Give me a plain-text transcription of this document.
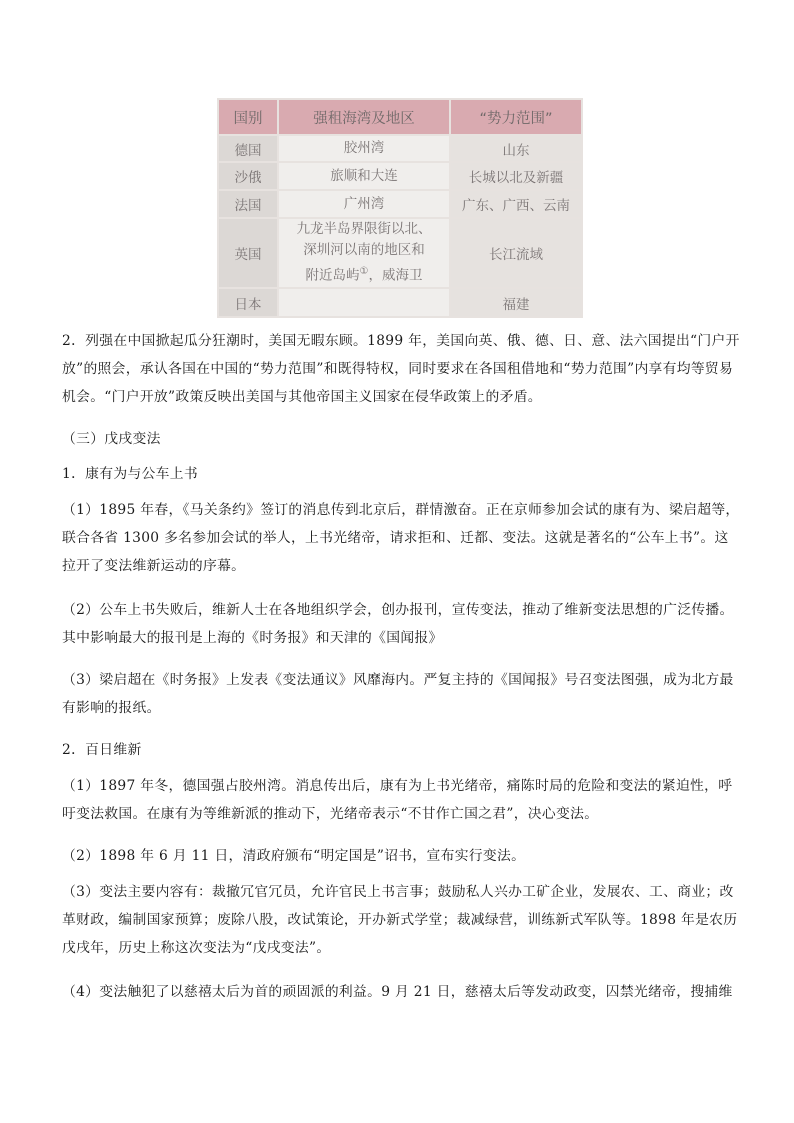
国别	强租海湾及地区	“势力范围”
德国	胶州湾	山东
沙俄	旅顺和大连	长城以北及新疆
法国	广州湾	广东、广西、云南
英国	九龙半岛界限街以北、
深圳河以南的地区和
附近岛屿①，威海卫	长江流域
日本		福建

2．列强在中国掀起瓜分狂潮时，美国无暇东顾。1899 年，美国向英、俄、德、日、意、法六国提出“门户开放”的照会，承认各国在中国的“势力范围”和既得特权，同时要求在各国租借地和“势力范围”内享有均等贸易机会。“门户开放”政策反映出美国与其他帝国主义国家在侵华政策上的矛盾。

（三）戊戌变法

1．康有为与公车上书

（1）1895 年春，《马关条约》签订的消息传到北京后，群情激奋。正在京师参加会试的康有为、梁启超等，联合各省 1300 多名参加会试的举人，上书光绪帝，请求拒和、迁都、变法。这就是著名的“公车上书”。这拉开了变法维新运动的序幕。

（2）公车上书失败后，维新人士在各地组织学会，创办报刊，宣传变法，推动了维新变法思想的广泛传播。其中影响最大的报刊是上海的《时务报》和天津的《国闻报》

（3）梁启超在《时务报》上发表《变法通议》风靡海内。严复主持的《国闻报》号召变法图强，成为北方最有影响的报纸。

2．百日维新

（1）1897 年冬，德国强占胶州湾。消息传出后，康有为上书光绪帝，痛陈时局的危险和变法的紧迫性，呼吁变法救国。在康有为等维新派的推动下，光绪帝表示“不甘作亡国之君”，决心变法。

（2）1898 年 6 月 11 日，清政府颁布“明定国是”诏书，宣布实行变法。

（3）变法主要内容有：裁撤冗官冗员，允许官民上书言事；鼓励私人兴办工矿企业，发展农、工、商业；改革财政，编制国家预算；废除八股，改试策论，开办新式学堂；裁减绿营，训练新式军队等。1898 年是农历戊戌年，历史上称这次变法为“戊戌变法”。

（4）变法触犯了以慈禧太后为首的顽固派的利益。9 月 21 日，慈禧太后等发动政变，囚禁光绪帝，搜捕维
